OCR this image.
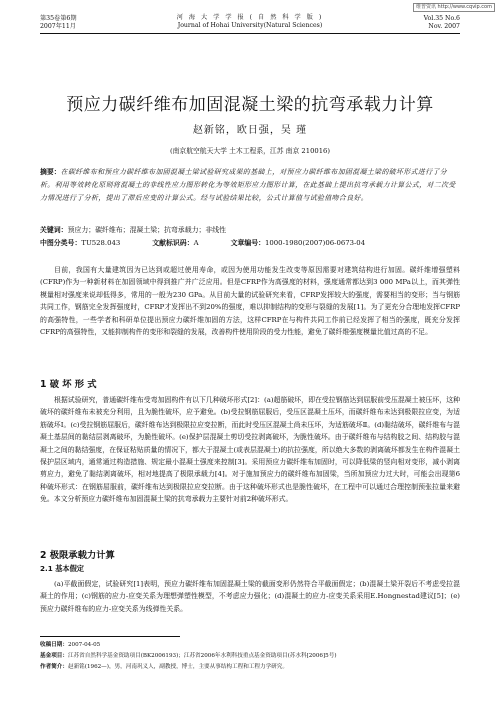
维普资讯 http://www.cqvip.com
第35卷第6期
2007年11月
河 海 大 学 学 报 ( 自 然 科 学 版 )
Journal of Hohai University(Natural Sciences)
Vol.35 No.6
Nov. 2007
预应力碳纤维布加固混凝土梁的抗弯承载力计算
赵新铭，欧日强，吴 瑾
(南京航空航天大学 土木工程系，江苏 南京 210016)
摘要：在碳纤维布和预应力碳纤维布加固混凝土梁试验研究成果的基础上，对预应力碳纤维布加固混凝土梁的破坏形式进行了分析。利用等效转化原则将混凝土的非线性应力图形转化为等效矩形应力图形计算，在此基础上提出抗弯承载力计算公式，对二次受力情况进行了分析，提出了滞后应变的计算公式。经与试验结果比较，公式计算值与试验值吻合良好。
关键词：预应力；碳纤维布；混凝土梁；抗弯承载力；非线性
中图分类号：TU528.043	文献标识码：A	文章编号：1000-1980(2007)06-0673-04
目前，我国有大量建筑因为已达到或超过使用寿命，或因为使用功能发生改变等原因需要对建筑结构进行加固。碳纤维增强塑料(CFRP)作为一种新材料在加固领域中得到推广并广泛应用。但是CFRP作为高强度的材料，强度通常都达到3 000 MPa以上，而其弹性模量相对强度来说却低得多，常用的一般为230 GPa。从目前大量的试验研究来看，CFRP发挥较大的强度，需要相当的变形；当与钢筋共同工作，钢筋完全发挥强度时，CFRP才发挥出不到20%的强度，难以抑制结构的变形与裂缝的发展[1]。为了更充分合理地发挥CFRP的高强特性，一些学者和科研单位提出预应力碳纤维加固的方法，这样CFRP在与构件共同工作前已经发挥了相当的强度，既充分发挥CFRP的高强特性，又能抑制构件的变形和裂缝的发展，改善构件使用阶段的受力性能，避免了碳纤维强度模量比值过高的不足。
1 破 坏 形 式
根据试验研究，普通碳纤维布受弯加固构件有以下几种破坏形式[2]：(a)超筋破坏，即在受拉钢筋达到屈服前受压混凝土被压坏，这种破坏的碳纤维布未被充分利用，且为脆性破坏，应予避免。(b)受拉钢筋屈服后，受压区混凝土压坏，而碳纤维布未达到极限拉应变，为适筋破坏Ⅰ。(c)受拉钢筋屈服后，碳纤维布达到极限拉应变拉断，而此时受压区混凝土尚未压坏，为适筋破坏Ⅱ。(d)黏结破坏，碳纤维布与混凝土基层间的黏结层剥离破坏，为脆性破坏。(e)保护层混凝土剪切受拉剥离破坏，为脆性破坏。由于碳纤维布与结构胶之间、结构胶与混凝土之间的黏结强度，在保证粘贴质量的情况下，都大于混凝土(或表层混凝土)的抗拉强度，所以绝大多数的剥离破坏都发生在构件混凝土保护层区域内，通常通过构造措施、规定最小混凝土强度来控制[3]。采用预应力碳纤维布加固时，可以降低梁的竖向相对变形，减小剥离剪应力，避免了黏结剥离破坏，相对地提高了极限承载力[4]。对于施加预应力的碳纤维布加固梁，当所加预应力过大时，可能会出现第6种破坏形式：在钢筋屈服前，碳纤维布达到极限拉应变拉断。由于这种破坏形式也是脆性破坏，在工程中可以通过合理控制预张拉量来避免。本文分析预应力碳纤维布加固混凝土梁的抗弯承载力主要针对前2种破坏形式。
2 极限承载力计算
2.1 基本假定
(a)平截面假定，试验研究[1]表明，预应力碳纤维布加固混凝土梁的截面变形仍然符合平截面假定；(b)混凝土梁开裂后不考虑受拉混凝土的作用；(c)钢筋的应力-应变关系为理想弹塑性模型，不考虑应力强化；(d)混凝土的应力-应变关系采用E.Hongnestad建议[5]；(e)预应力碳纤维布的应力-应变关系为线弹性关系。
收稿日期：2007-04-05
基金项目：江苏省自然科学基金资助项目(BK2006193)；江苏省2006年水利科技重点基金资助项目(苏水科[2006]5号)
作者简介：赵新铭(1962—)，男，河南巩义人，副教授，博士，主要从事结构工程和工程力学研究。
